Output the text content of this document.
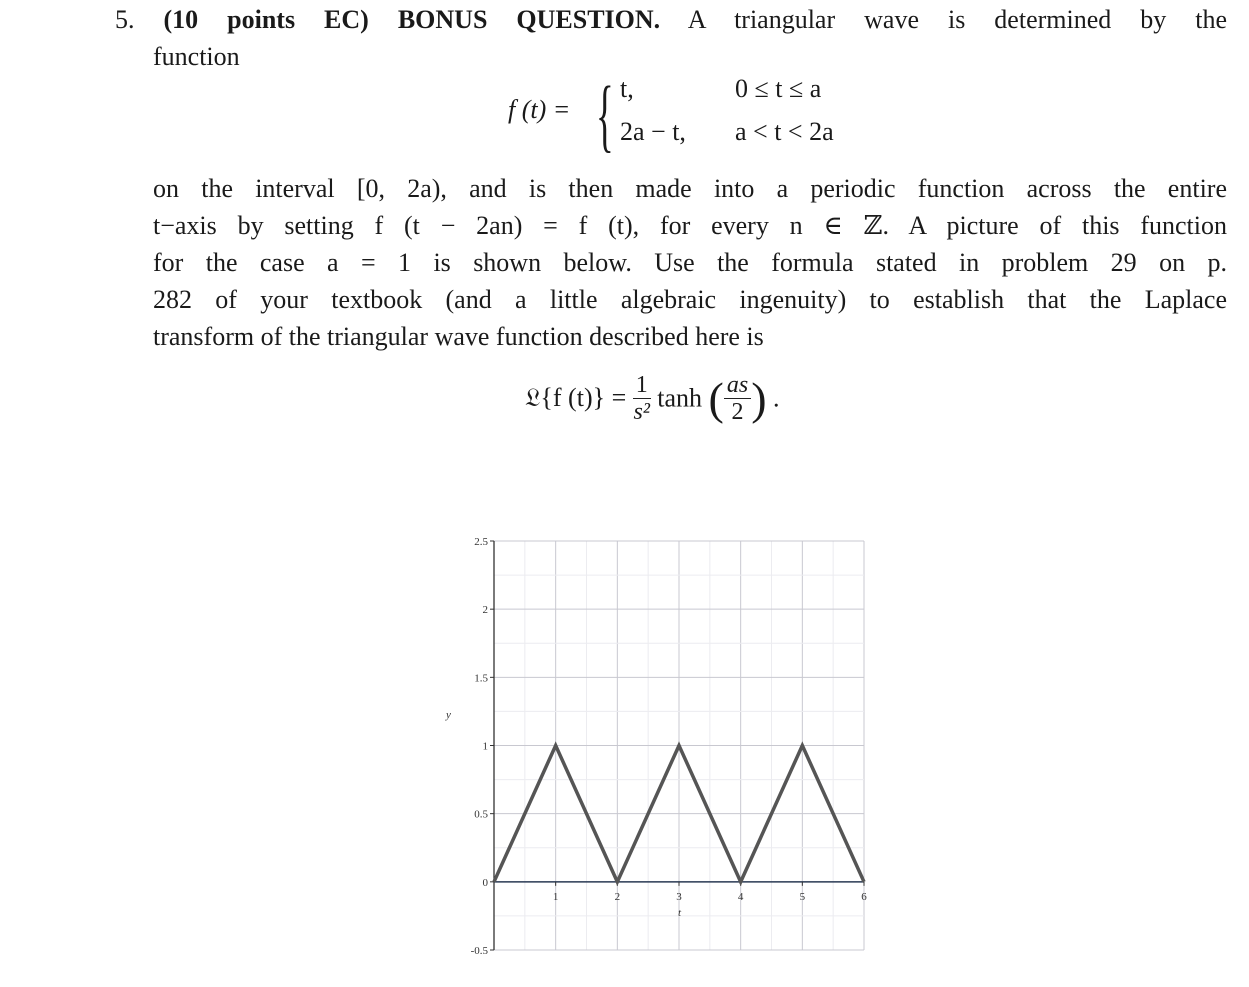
5. (10 points EC) BONUS QUESTION. A triangular wave is determined by the
function
f (t) = { t,	0 ≤ t ≤ a
2a − t, a < t < 2a
on the interval [0, 2a), and is then made into a periodic function across the entire
t−axis by setting f (t − 2an) = f (t), for every n ∈ ℤ. A picture of this function
for the case a = 1 is shown below. Use the formula stated in problem 29 on p.
282 of your textbook (and a little algebraic ingenuity) to establish that the Laplace
transform of the triangular wave function described here is
𝔏{f $(t)\} = \frac{1}{\text{s²}}$ tanh ( $\frac{as}{2}$ ) .
2.5
2
1.5
1
0.5
0
-0.5
1	2	3	4	5	6
t
y
